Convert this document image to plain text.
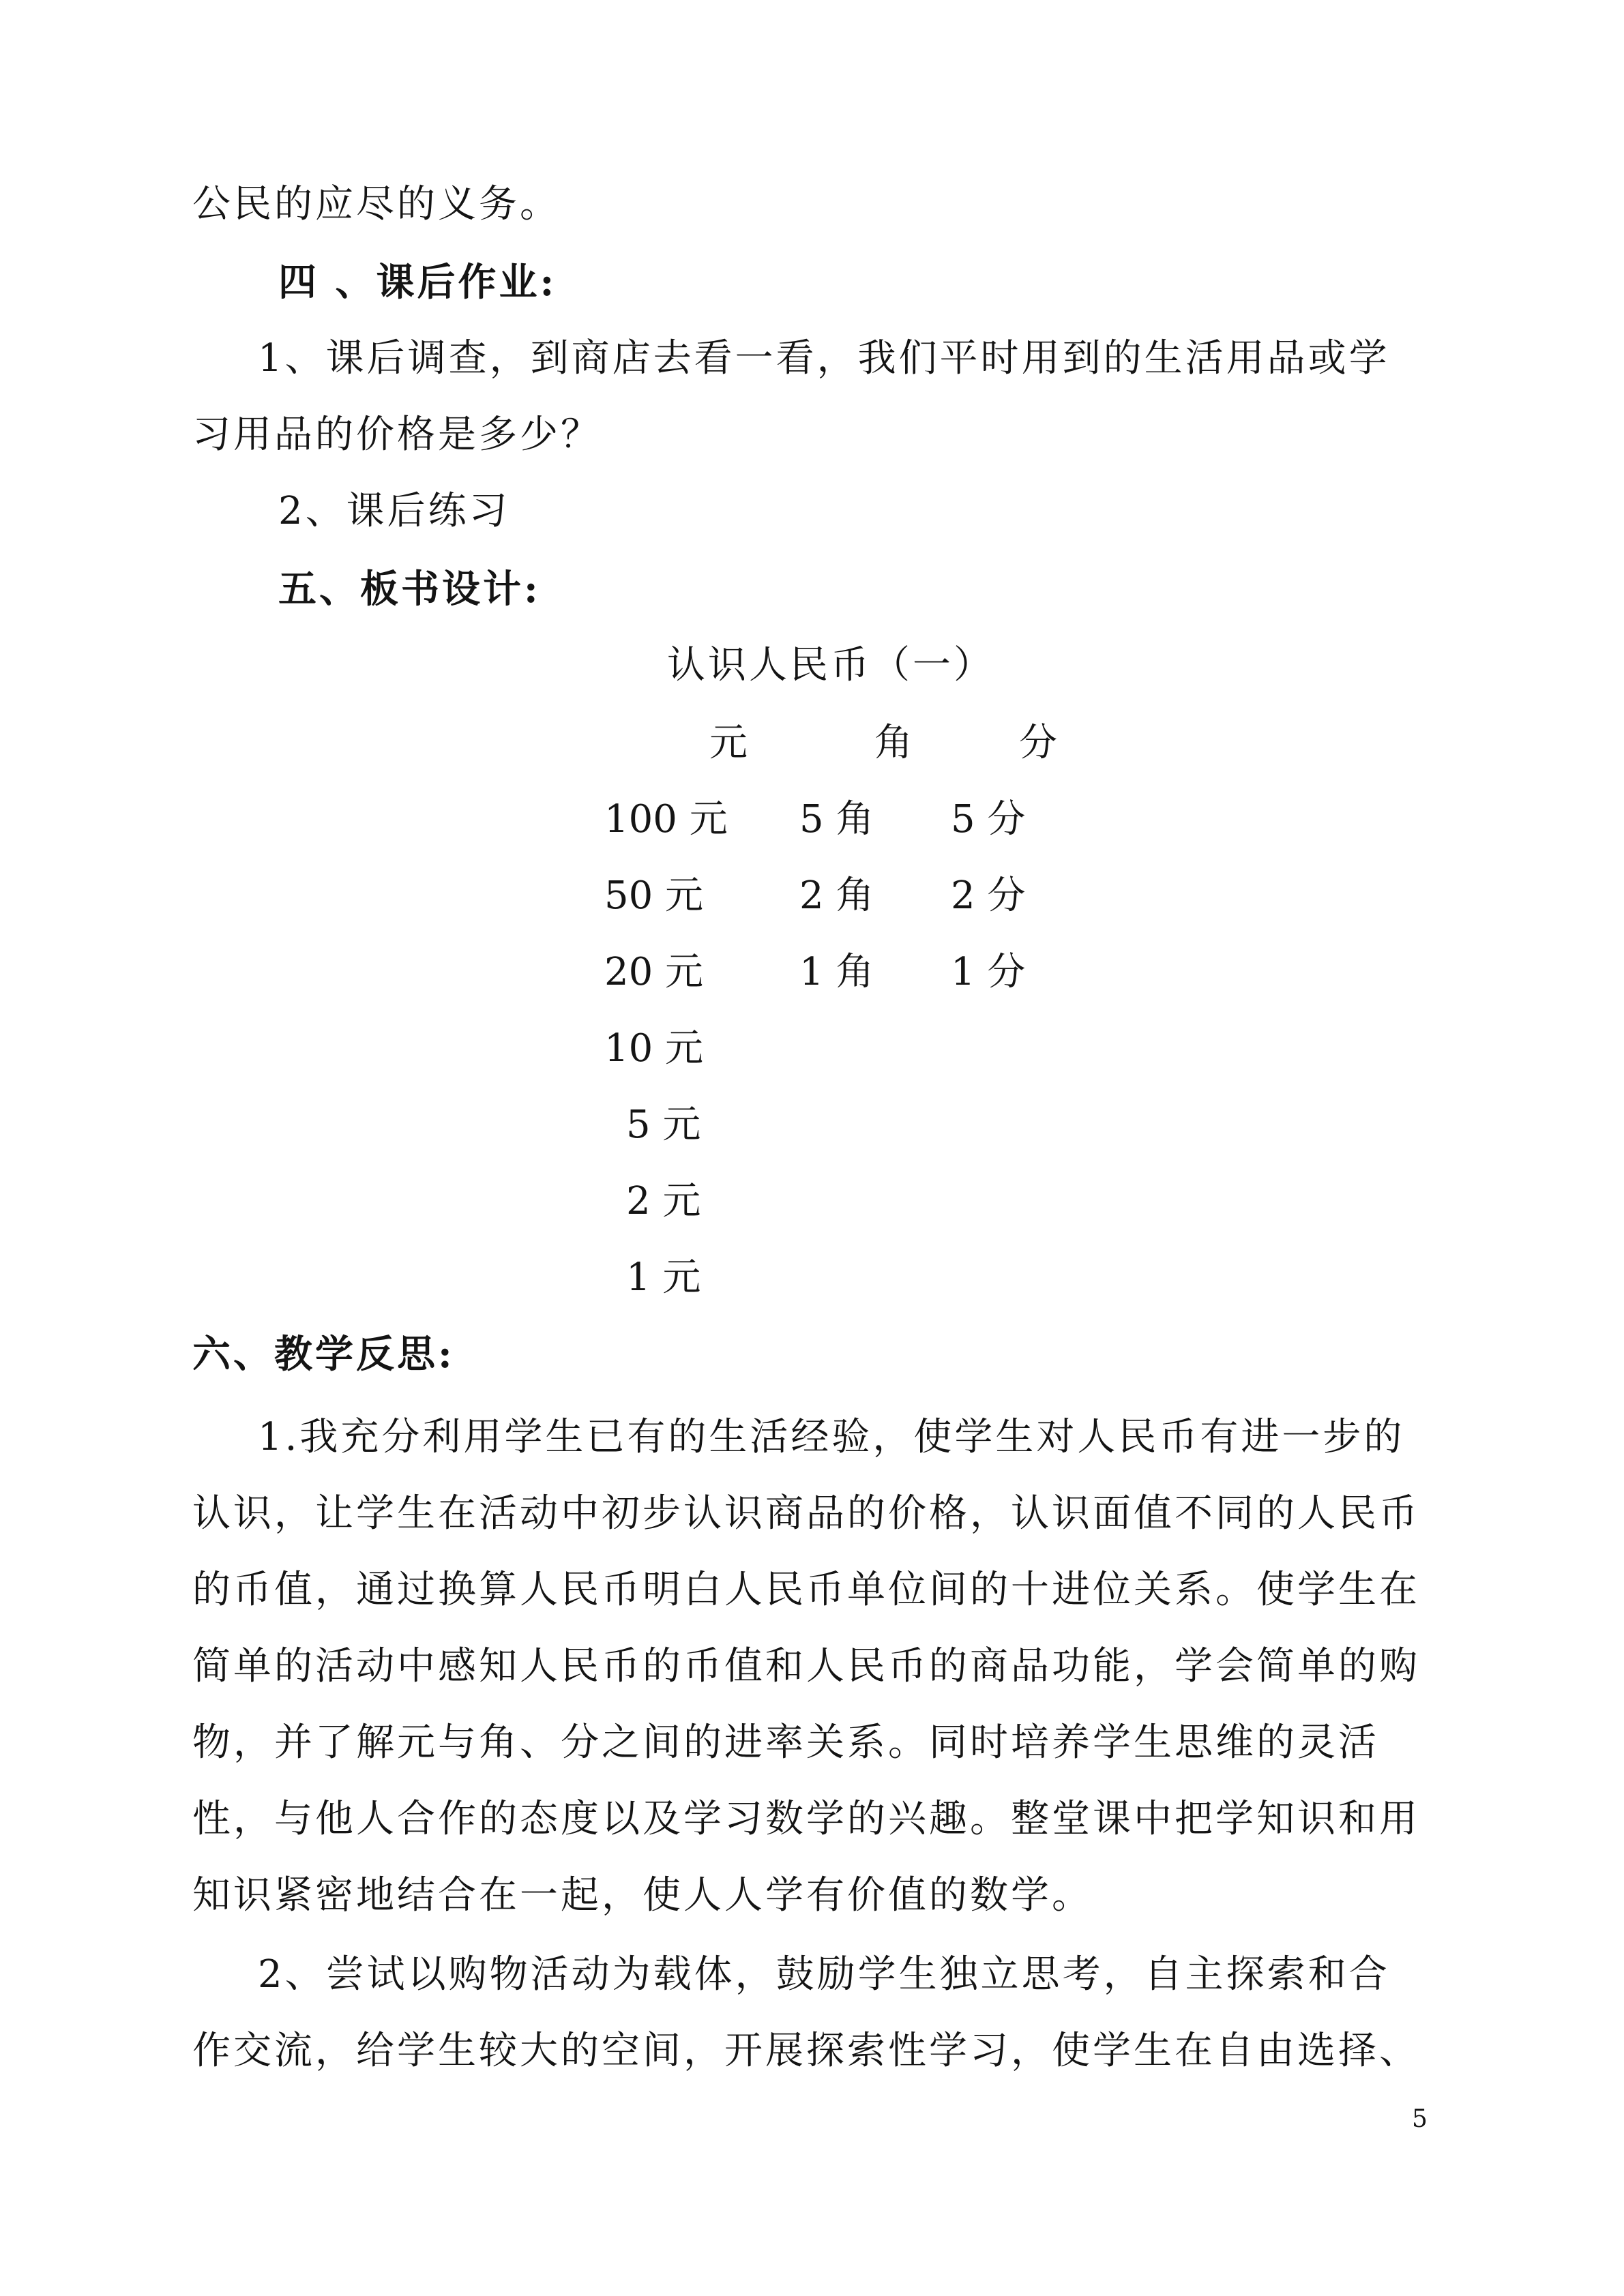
公民的应尽的义务。
四 、课后作业:
1、课后调查，到商店去看一看，我们平时用到的生活用品或学
习用品的价格是多少？
2、课后练习
五、板书设计:
认识人民币（一）
元	角	分
100 元
50 元
20 元
10 元
5 元
2 元
1 元
5 角
2 角
1 角
5 分
2 分
1 分
六、教学反思:
1.我充分利用学生已有的生活经验，使学生对人民币有进一步的
认识，让学生在活动中初步认识商品的价格，认识面值不同的人民币
的币值，通过换算人民币明白人民币单位间的十进位关系。使学生在
简单的活动中感知人民币的币值和人民币的商品功能，学会简单的购
物，并了解元与角、分之间的进率关系。同时培养学生思维的灵活
性，与他人合作的态度以及学习数学的兴趣。整堂课中把学知识和用
知识紧密地结合在一起，使人人学有价值的数学。
2、尝试以购物活动为载体，鼓励学生独立思考，自主探索和合
作交流，给学生较大的空间，开展探索性学习，使学生在自由选择、
5
